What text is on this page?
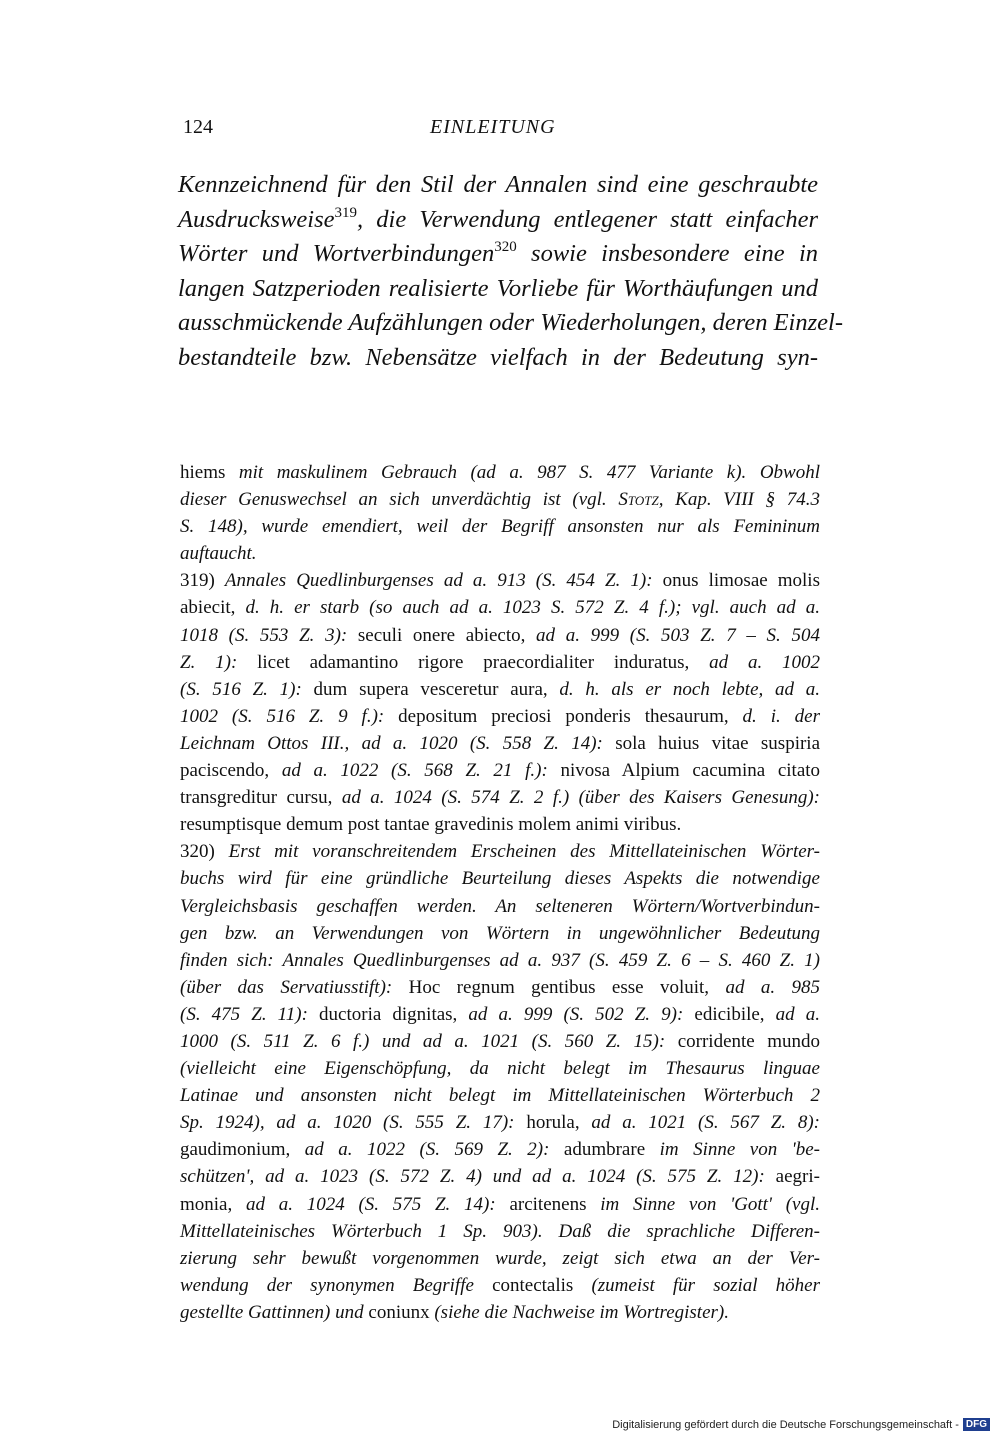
124	EINLEITUNG
Kennzeichnend für den Stil der Annalen sind eine geschraubte
Ausdrucksweise$^{319}$, die Verwendung entlegener statt einfacher
Wörter und Wortverbindungen$^{320}$ sowie insbesondere eine in
langen Satzperioden realisierte Vorliebe für Worthäufungen und
ausschmückende Aufzählungen oder Wiederholungen, deren Einzel-
bestandteile bzw. Nebensätze vielfach in der Bedeutung syn-
hiems mit maskulinem Gebrauch (ad a. 987 S. 477 Variante k). Obwohl
dieser Genuswechsel an sich unverdächtig ist (vgl. Stotz, Kap. VIII § 74.3
S. 148), wurde emendiert, weil der Begriff ansonsten nur als Femininum
auftaucht.
319) Annales Quedlinburgenses ad a. 913 (S. 454 Z. 1): onus limosae molis
abiecit, d. h. er starb (so auch ad a. 1023 S. 572 Z. 4 f.); vgl. auch ad a.
1018 (S. 553 Z. 3): seculi onere abiecto, ad a. 999 (S. 503 Z. 7 – S. 504
Z. 1): licet adamantino rigore praecordialiter induratus, ad a. 1002
(S. 516 Z. 1): dum supera vesceretur aura, d. h. als er noch lebte, ad a.
1002 (S. 516 Z. 9 f.): depositum preciosi ponderis thesaurum, d. i. der
Leichnam Ottos III., ad a. 1020 (S. 558 Z. 14): sola huius vitae suspiria
paciscendo, ad a. 1022 (S. 568 Z. 21 f.): nivosa Alpium cacumina citato
transgreditur cursu, ad a. 1024 (S. 574 Z. 2 f.) (über des Kaisers Genesung):
resumptisque demum post tantae gravedinis molem animi viribus.
320) Erst mit voranschreitendem Erscheinen des Mittellateinischen Wörter-
buchs wird für eine gründliche Beurteilung dieses Aspekts die notwendige
Vergleichsbasis geschaffen werden. An selteneren Wörtern/Wortverbindun-
gen bzw. an Verwendungen von Wörtern in ungewöhnlicher Bedeutung
finden sich: Annales Quedlinburgenses ad a. 937 (S. 459 Z. 6 – S. 460 Z. 1)
(über das Servatiusstift): Hoc regnum gentibus esse voluit, ad a. 985
(S. 475 Z. 11): ductoria dignitas, ad a. 999 (S. 502 Z. 9): edicibile, ad a.
1000 (S. 511 Z. 6 f.) und ad a. 1021 (S. 560 Z. 15): corridente mundo
(vielleicht eine Eigenschöpfung, da nicht belegt im Thesaurus linguae
Latinae und ansonsten nicht belegt im Mittellateinischen Wörterbuch 2
Sp. 1924), ad a. 1020 (S. 555 Z. 17): horula, ad a. 1021 (S. 567 Z. 8):
gaudimonium, ad a. 1022 (S. 569 Z. 2): adumbrare im Sinne von 'be-
schützen', ad a. 1023 (S. 572 Z. 4) und ad a. 1024 (S. 575 Z. 12): aegri-
monia, ad a. 1024 (S. 575 Z. 14): arcitenens im Sinne von 'Gott' (vgl.
Mittellateinisches Wörterbuch 1 Sp. 903). Daß die sprachliche Differen-
zierung sehr bewußt vorgenommen wurde, zeigt sich etwa an der Ver-
wendung der synonymen Begriffe contectalis (zumeist für sozial höher
gestellte Gattinnen) und coniunx (siehe die Nachweise im Wortregister).
Digitalisierung gefördert durch die Deutsche Forschungsgemeinschaft - DFG
